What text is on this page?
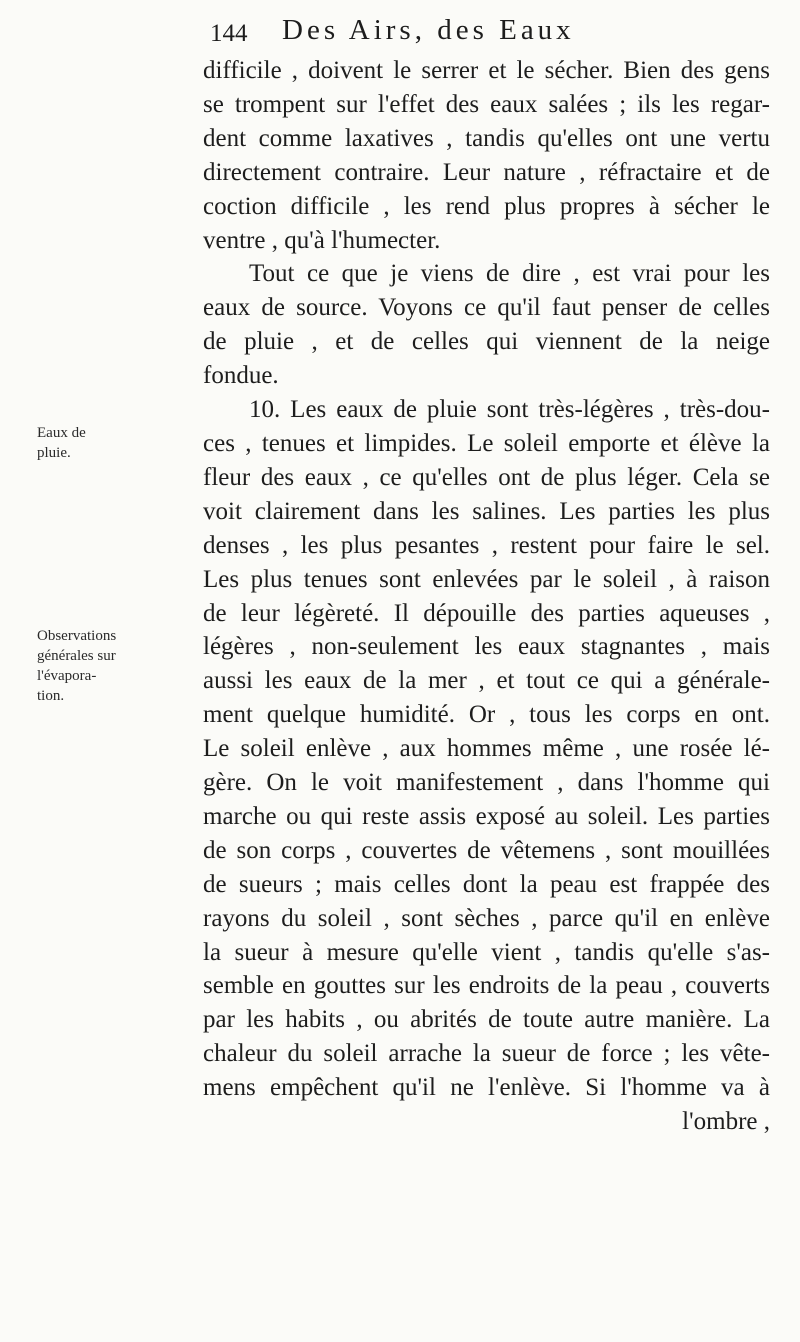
144 Des Airs, des Eaux
Eaux de
pluie.
Observations
générales sur
l'évapora-
tion.
difficile , doivent le serrer et le sécher. Bien des gens
se trompent sur l'effet des eaux salées ; ils les regar-
dent comme laxatives , tandis qu'elles ont une vertu
directement contraire. Leur nature , réfractaire et de
coction difficile , les rend plus propres à sécher le
ventre , qu'à l'humecter.
Tout ce que je viens de dire , est vrai pour les
eaux de source. Voyons ce qu'il faut penser de celles
de pluie , et de celles qui viennent de la neige
fondue.
10. Les eaux de pluie sont très-légères , très-dou-
ces , tenues et limpides. Le soleil emporte et élève la
fleur des eaux , ce qu'elles ont de plus léger. Cela se
voit clairement dans les salines. Les parties les plus
denses , les plus pesantes , restent pour faire le sel.
Les plus tenues sont enlevées par le soleil , à raison
de leur légèreté. Il dépouille des parties aqueuses ,
légères , non-seulement les eaux stagnantes , mais
aussi les eaux de la mer , et tout ce qui a générale-
ment quelque humidité. Or , tous les corps en ont.
Le soleil enlève , aux hommes même , une rosée lé-
gère. On le voit manifestement , dans l'homme qui
marche ou qui reste assis exposé au soleil. Les parties
de son corps , couvertes de vêtemens , sont mouillées
de sueurs ; mais celles dont la peau est frappée des
rayons du soleil , sont sèches , parce qu'il en enlève
la sueur à mesure qu'elle vient , tandis qu'elle s'as-
semble en gouttes sur les endroits de la peau , couverts
par les habits , ou abrités de toute autre manière. La
chaleur du soleil arrache la sueur de force ; les vête-
mens empêchent qu'il ne l'enlève. Si l'homme va à
l'ombre ,
